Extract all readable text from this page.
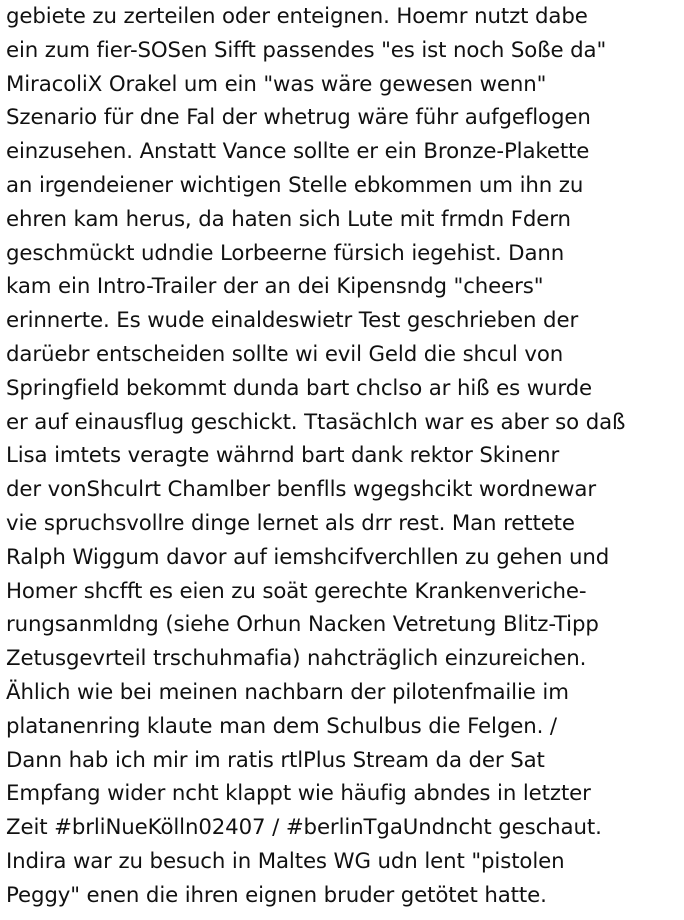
gebiete zu zerteilen oder enteignen. Hoemr nutzt dabe
ein zum fier-SOSen Sifft passendes "es ist noch Soße da"
MiracoliX Orakel um ein "was wäre gewesen wenn"
Szenario für dne Fal der whetrug wäre führ aufgeflogen
einzusehen. Anstatt Vance sollte er ein Bronze-Plakette
an irgendeiener wichtigen Stelle ebkommen um ihn zu
ehren kam herus, da haten sich Lute mit frmdn Fdern
geschmückt udndie Lorbeerne fürsich iegehist. Dann
kam ein Intro-Trailer der an dei Kipensndg "cheers"
erinnerte. Es wude einaldeswietr Test geschrieben der
darüebr entscheiden sollte wi evil Geld die shcul von
Springfield bekommt dunda bart chclso ar hiß es wurde
er auf einausflug geschickt. Ttasächlch war es aber so daß
Lisa imtets veragte währnd bart dank rektor Skinenr
der vonShculrt Chamlber benflls wgegshcikt wordnewar
vie spruchsvollre dinge lernet als drr rest. Man rettete
Ralph Wiggum davor auf iemshcifverchllen zu gehen und
Homer shcfft es eien zu soät gerechte Krankenveriche-
rungsanmldng (siehe Orhun Nacken Vetretung Blitz-Tipp
Zetusgevrteil trschuhmafia) nahcträglich einzureichen.
Ählich wie bei meinen nachbarn der pilotenfmailie im
platanenring klaute man dem Schulbus die Felgen. /
Dann hab ich mir im ratis rtlPlus Stream da der Sat
Empfang wider ncht klappt wie häufig abndes in letzter
Zeit #brliNueKölln02407 / #berlinTgaUndncht geschaut.
Indira war zu besuch in Maltes WG udn lent "pistolen
Peggy" enen die ihren eignen bruder getötet hatte.
